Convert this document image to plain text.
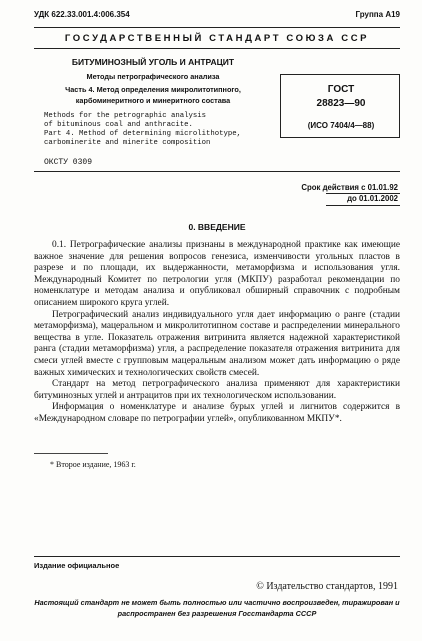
УДК 622.33.001.4:006.354	Группа А19
ГОСУДАРСТВЕННЫЙ СТАНДАРТ СОЮЗА ССР
БИТУМИНОЗНЫЙ УГОЛЬ И АНТРАЦИТ
Методы петрографического анализа
Часть 4. Метод определения микролитотипного,
карбоминеритного и минеритного состава
Methods for the petrographic analysis
of bituminous coal and anthracite.
Part 4. Method of determining microlithotype,
carbominerite and minerite composition
ГОСТ
28823—90
(ИСО 7404/4—88)
ОКСТУ 0309
Срок действия с 01.01.92
до 01.01.2002
0. ВВЕДЕНИЕ

0.1. Петрографические анализы признаны в международной практике как имеющие важное значение для решения вопросов генезиса, изменчивости угольных пластов в разрезе и по площади, их выдержанности, метаморфизма и использования угля. Международный Комитет по петрологии угля (МКПУ) разработал рекомендации по номенклатуре и методам анализа и опубликовал обширный справочник с подробным описанием широкого круга углей.

Петрографический анализ индивидуального угля дает информацию о ранге (стадии метаморфизма), мацеральном и микролитотипном составе и распределении минерального вещества в угле. Показатель отражения витринита является надежной характеристикой ранга (стадии метаморфизма) угля, а распределение показателя отражения витринита для смеси углей вместе с групповым мацеральным анализом может дать информацию о ряде важных химических и технологических свойств смесей.

Стандарт на метод петрографического анализа применяют для характеристики битуминозных углей и антрацитов при их технологическом использовании.

Информация о номенклатуре и анализе бурых углей и лигнитов содержится в «Международном словаре по петрографии углей», опубликованном МКПУ*.

* Второе издание, 1963 г.
Издание официальное
© Издательство стандартов, 1991
Настоящий стандарт не может быть полностью или частично воспроизведен, тиражирован и распространен без разрешения Госстандарта СССР
